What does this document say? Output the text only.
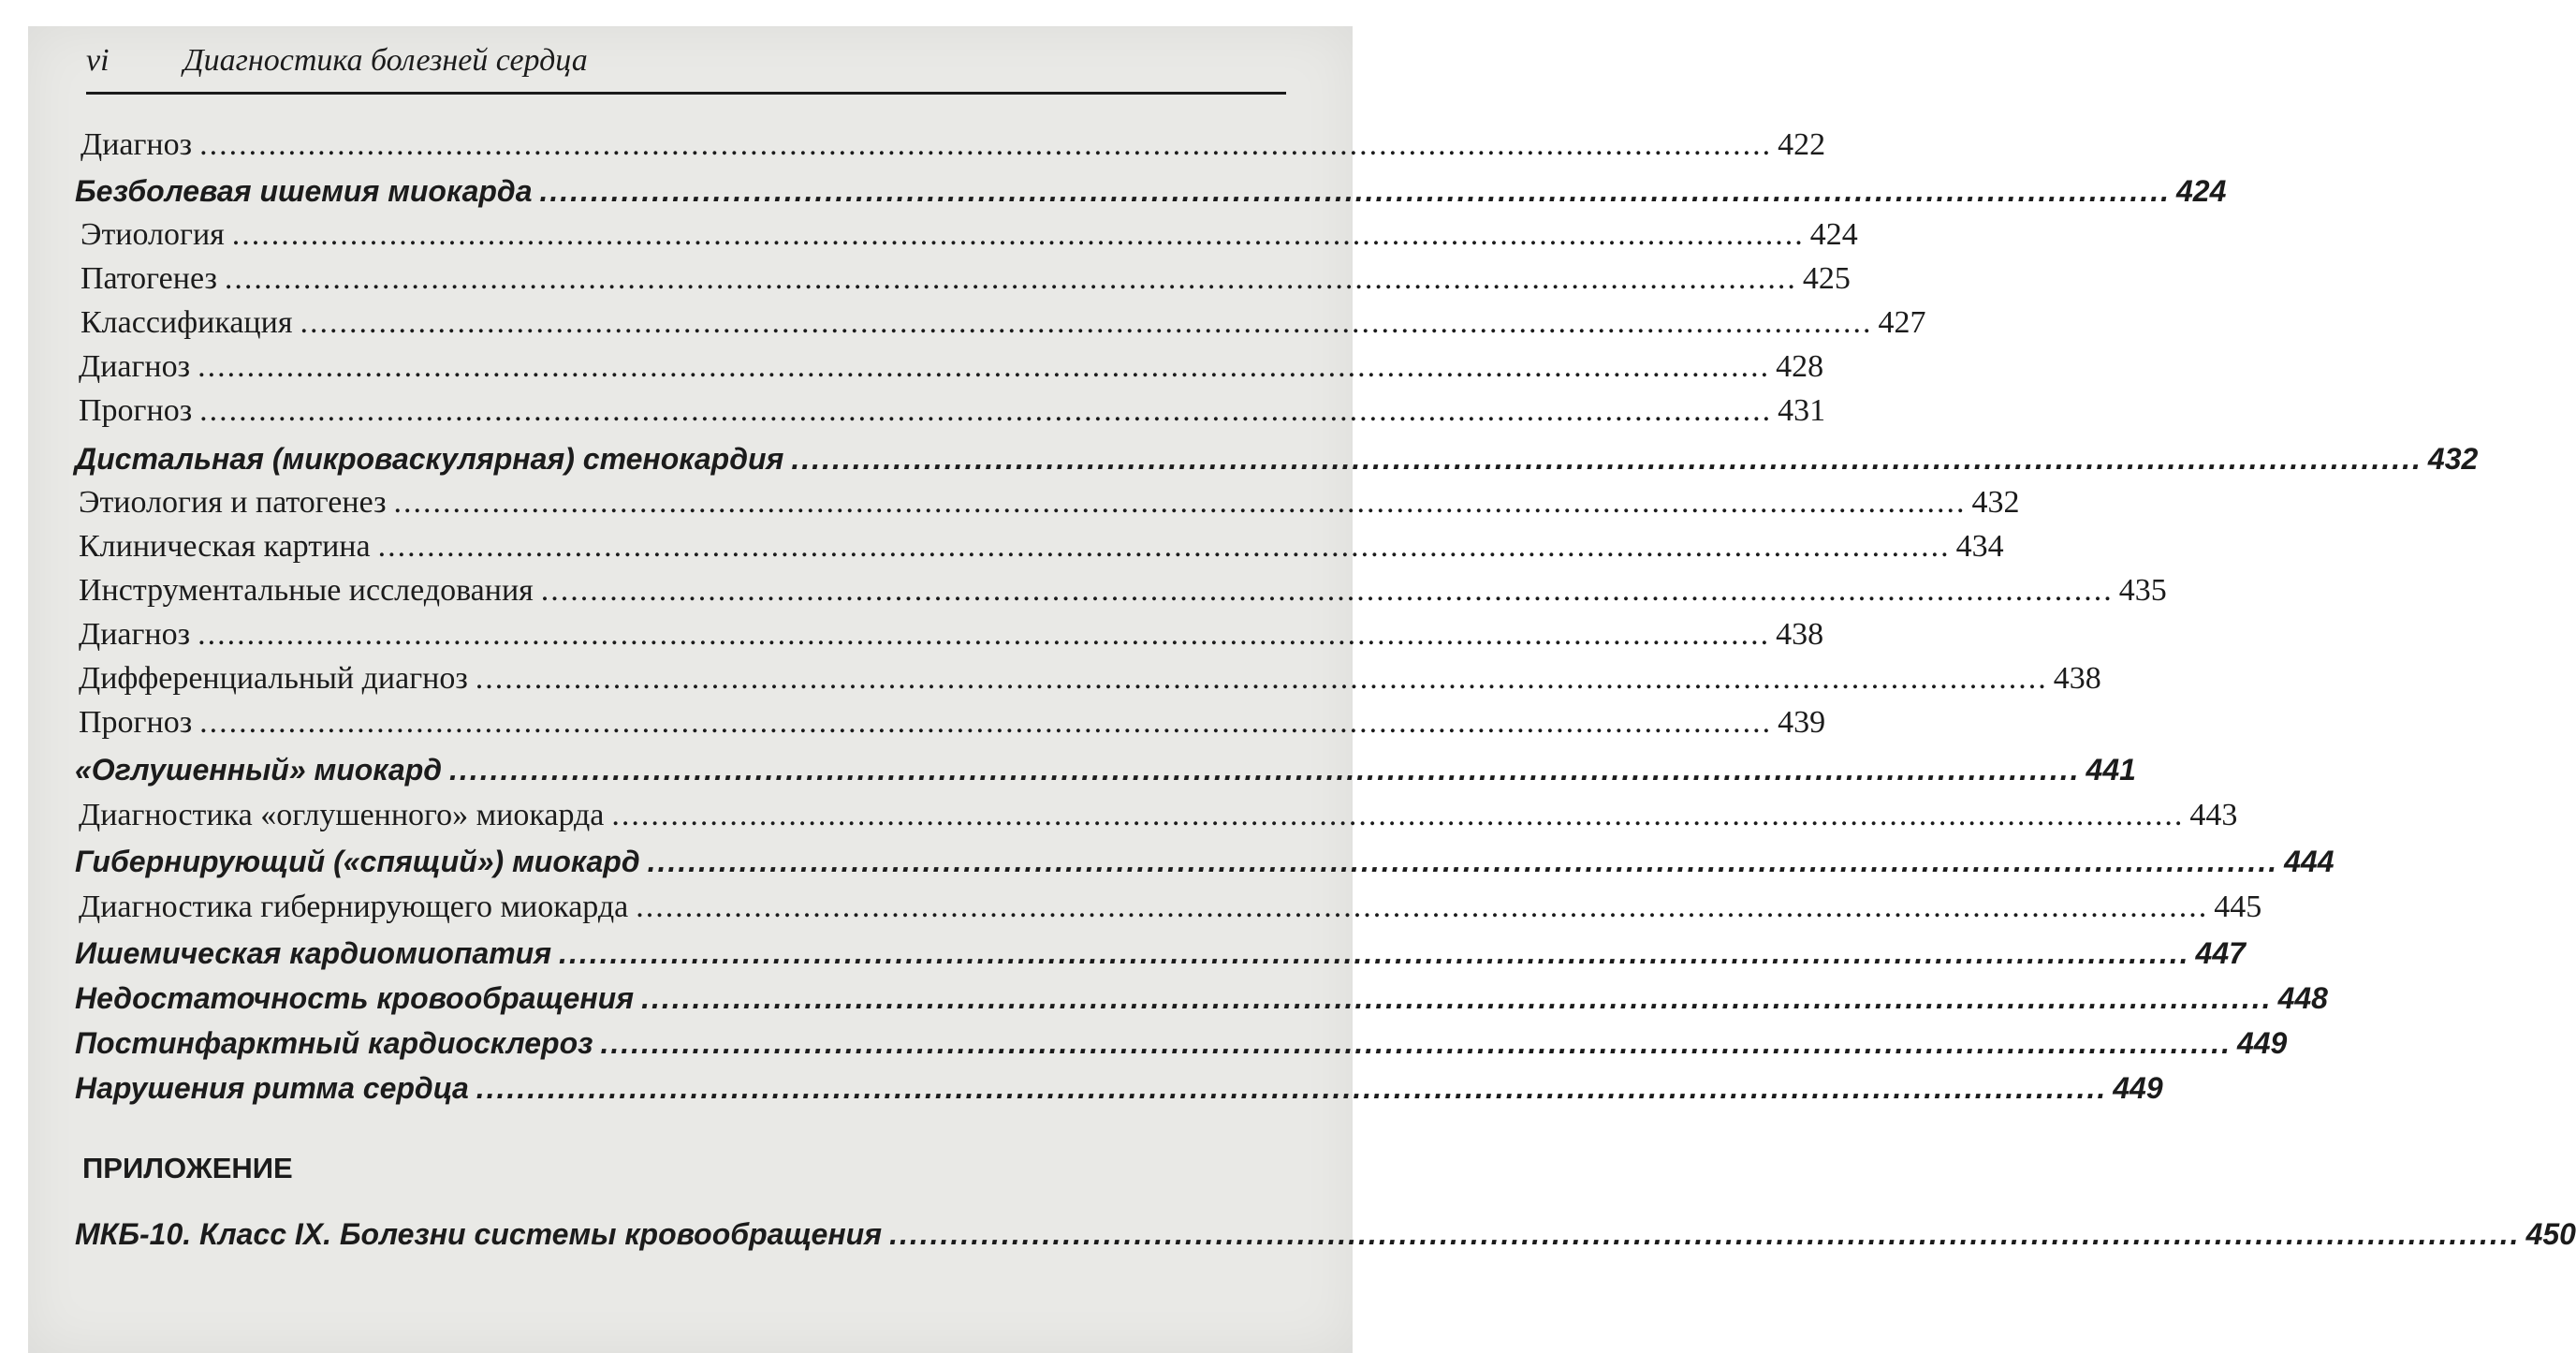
vi Диагностика болезней сердца
Диагноз ................................................................................................................................................................ 422
Безболевая ишемия миокарда ................................................................................................................................................................ 424
Этиология ................................................................................................................................................................ 424
Патогенез ................................................................................................................................................................ 425
Классификация ................................................................................................................................................................ 427
Диагноз ................................................................................................................................................................ 428
Прогноз ................................................................................................................................................................ 431
Дистальная (микроваскулярная) стенокардия ................................................................................................................................................................ 432
Этиология и патогенез ................................................................................................................................................................ 432
Клиническая картина ................................................................................................................................................................ 434
Инструментальные исследования ................................................................................................................................................................ 435
Диагноз ................................................................................................................................................................ 438
Дифференциальный диагноз ................................................................................................................................................................ 438
Прогноз ................................................................................................................................................................ 439
«Оглушенный» миокард ................................................................................................................................................................ 441
Диагностика «оглушенного» миокарда ................................................................................................................................................................ 443
Гибернирующий («спящий») миокард ................................................................................................................................................................ 444
Диагностика гибернирующего миокарда ................................................................................................................................................................ 445
Ишемическая кардиомиопатия ................................................................................................................................................................ 447
Недостаточность кровообращения ................................................................................................................................................................ 448
Постинфарктный кардиосклероз ................................................................................................................................................................ 449
Нарушения ритма сердца ................................................................................................................................................................ 449
ПРИЛОЖЕНИЕ
МКБ-10. Класс IX. Болезни системы кровообращения ................................................................................................................................................................ 450
